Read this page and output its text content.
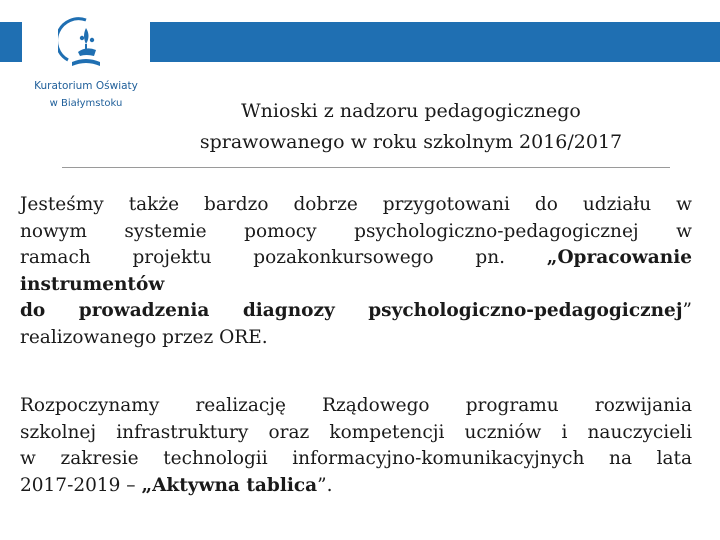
Kuratorium Oświaty
w Białymstoku	Wnioski z nadzoru pedagogicznego
sprawowanego w roku szkolnym 2016/2017
Jesteśmy także bardzo dobrze przygotowani do udziału w
nowym systemie pomocy psychologiczno-pedagogicznej w
ramach projektu pozakonkursowego pn. „Opracowanie
instrumentów
do prowadzenia diagnozy psychologiczno-pedagogicznej”
realizowanego przez ORE.
Rozpoczynamy realizację Rządowego programu rozwijania
szkolnej infrastruktury oraz kompetencji uczniów i nauczycieli
w zakresie technologii informacyjno-komunikacyjnych na lata
2017-2019 – „Aktywna tablica”.
